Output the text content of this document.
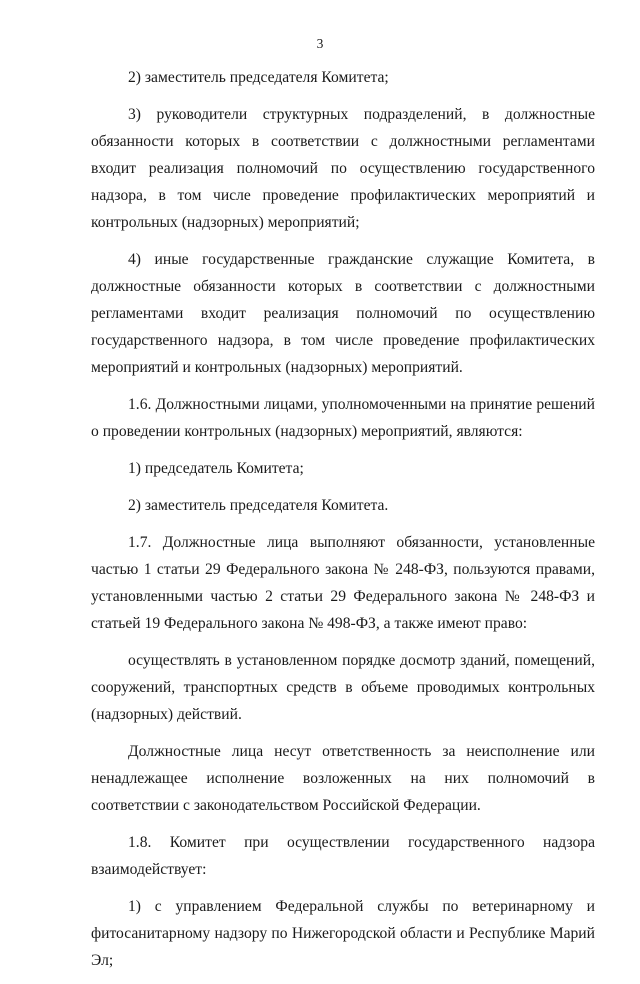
3

2) заместитель председателя Комитета;

3) руководители структурных подразделений, в должностные обязанности которых в соответствии с должностными регламентами входит реализация полномочий по осуществлению государственного надзора, в том числе проведение профилактических мероприятий и контрольных (надзорных) мероприятий;

4) иные государственные гражданские служащие Комитета, в должностные обязанности которых в соответствии с должностными регламентами входит реализация полномочий по осуществлению государственного надзора, в том числе проведение профилактических мероприятий и контрольных (надзорных) мероприятий.

1.6. Должностными лицами, уполномоченными на принятие решений о проведении контрольных (надзорных) мероприятий, являются:

1) председатель Комитета;

2) заместитель председателя Комитета.

1.7. Должностные лица выполняют обязанности, установленные частью 1 статьи 29 Федерального закона № 248-ФЗ, пользуются правами, установленными частью 2 статьи 29 Федерального закона № 248-ФЗ и статьей 19 Федерального закона № 498-ФЗ, а также имеют право:

осуществлять в установленном порядке досмотр зданий, помещений, сооружений, транспортных средств в объеме проводимых контрольных (надзорных) действий.

Должностные лица несут ответственность за неисполнение или ненадлежащее исполнение возложенных на них полномочий в соответствии с законодательством Российской Федерации.

1.8. Комитет при осуществлении государственного надзора взаимодействует:

1) с управлением Федеральной службы по ветеринарному и фитосанитарному надзору по Нижегородской области и Республике Марий Эл;
